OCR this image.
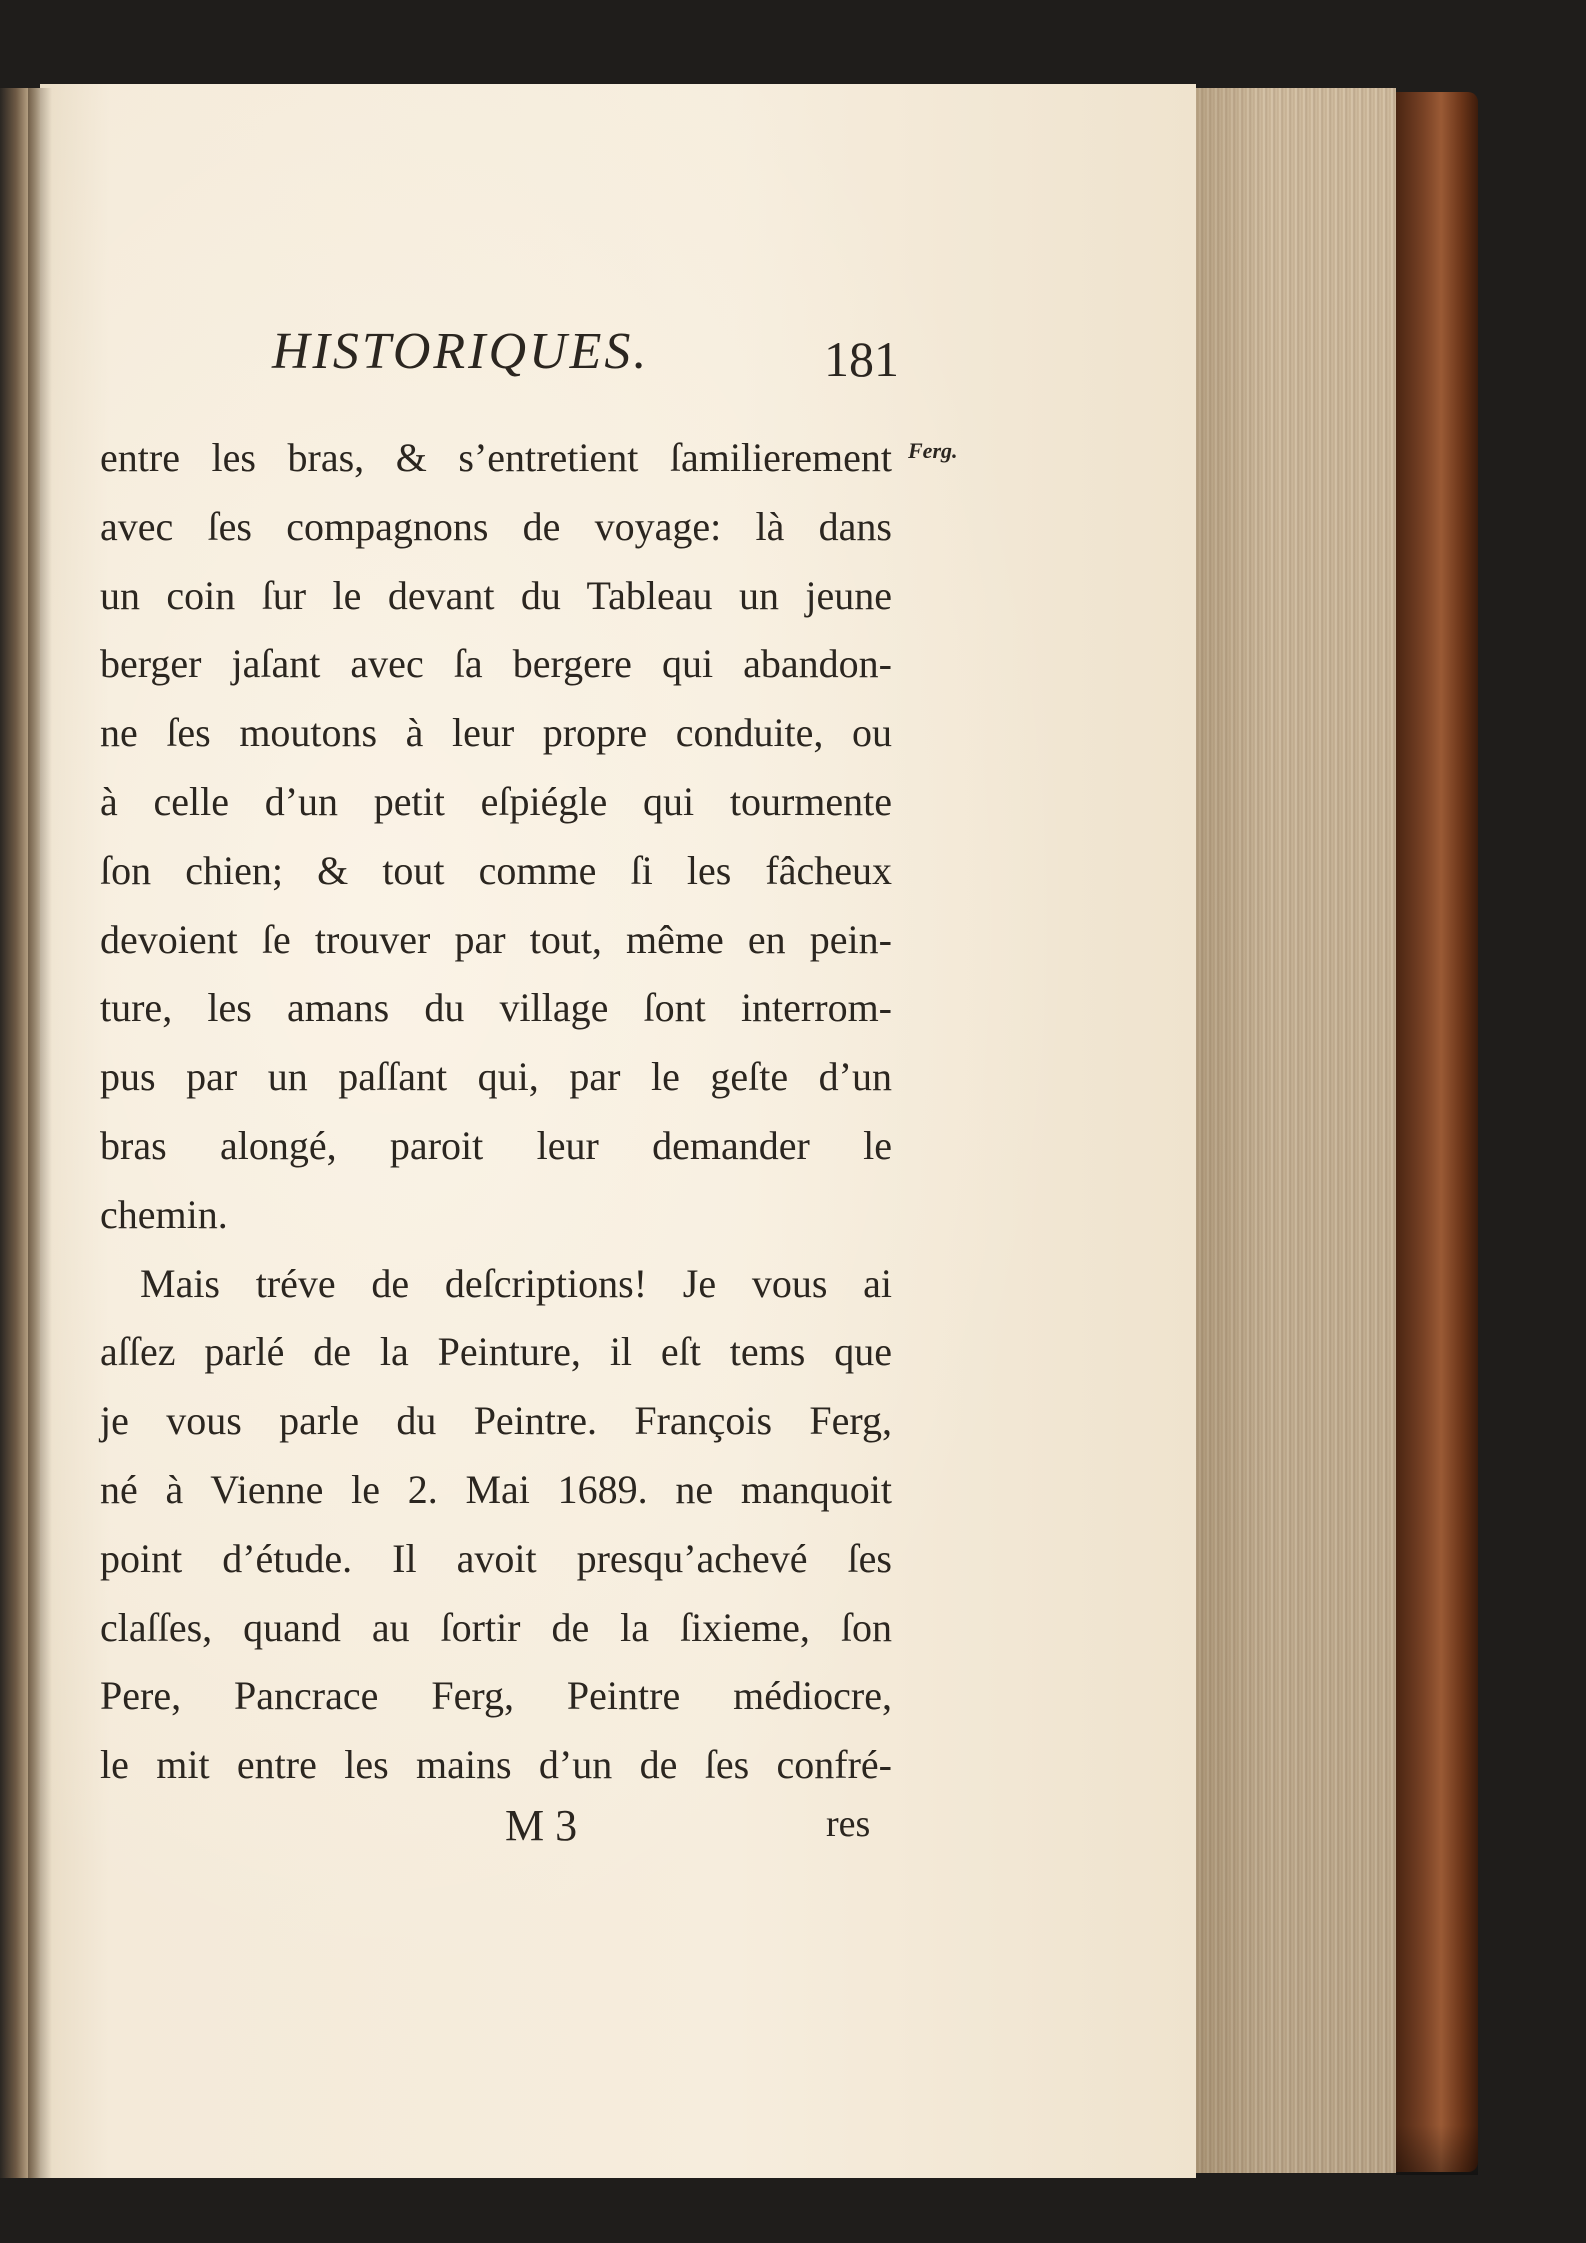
HISTORIQUES.	181
Ferg.
entre les bras, & s’entretient ſamilierement
avec ſes compagnons de voyage: là dans
un coin ſur le devant du Tableau un jeune
berger jaſant avec ſa bergere qui abandon-
ne ſes moutons à leur propre conduite, ou
à celle d’un petit eſpiégle qui tourmente
ſon chien; & tout comme ſi les fâcheux
devoient ſe trouver par tout, même en pein-
ture, les amans du village ſont interrom-
pus par un paſſant qui, par le geſte d’un
bras alongé, paroit leur demander le
chemin.
Mais tréve de deſcriptions! Je vous ai
aſſez parlé de la Peinture, il eſt tems que
je vous parle du Peintre. François Ferg,
né à Vienne le 2. Mai 1689. ne manquoit
point d’étude. Il avoit presqu’achevé ſes
claſſes, quand au ſortir de la ſixieme, ſon
Pere, Pancrace Ferg, Peintre médiocre,
le mit entre les mains d’un de ſes confré-
M 3	res
